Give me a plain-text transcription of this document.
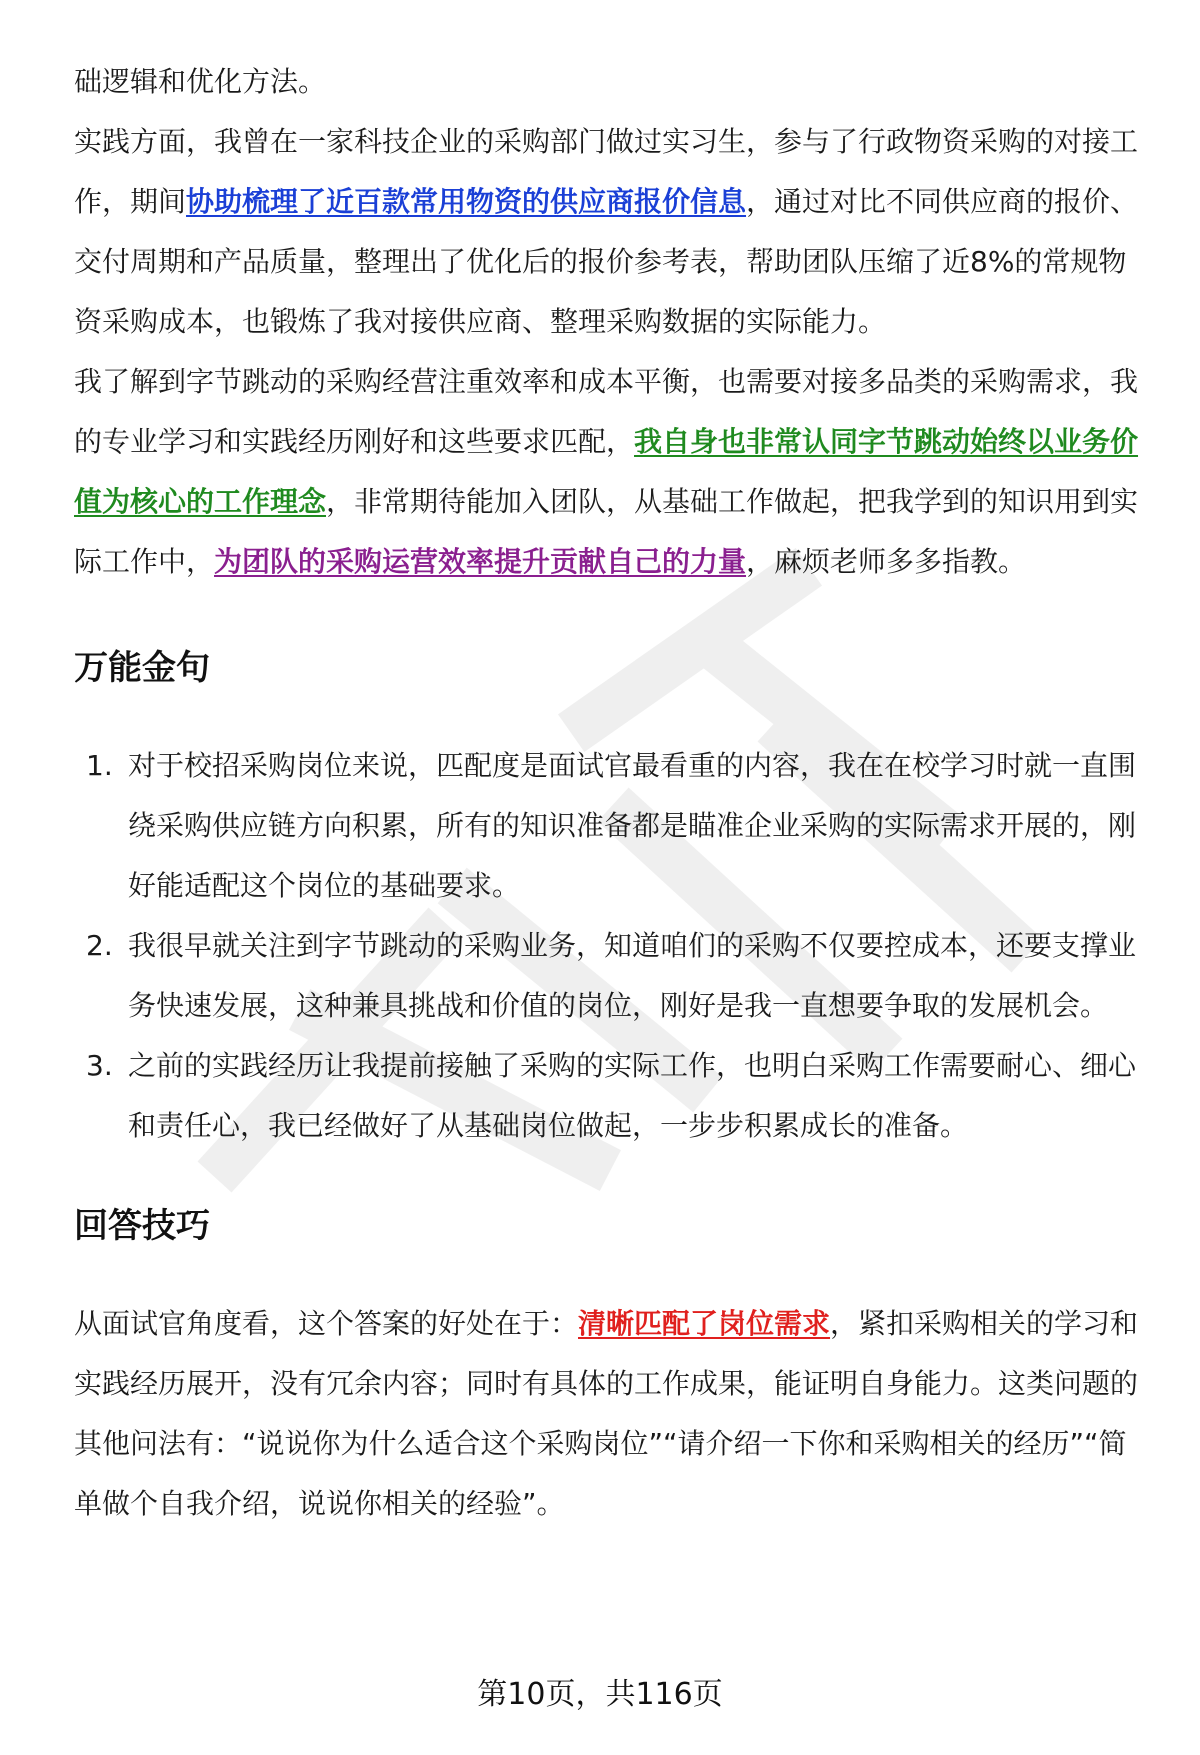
础逻辑和优化方法。

实践方面，我曾在一家科技企业的采购部门做过实习生，参与了行政物资采购的对接工作，期间协助梳理了近百款常用物资的供应商报价信息，通过对比不同供应商的报价、交付周期和产品质量，整理出了优化后的报价参考表，帮助团队压缩了近8%的常规物资采购成本，也锻炼了我对接供应商、整理采购数据的实际能力。

我了解到字节跳动的采购经营注重效率和成本平衡，也需要对接多品类的采购需求，我的专业学习和实践经历刚好和这些要求匹配，我自身也非常认同字节跳动始终以业务价值为核心的工作理念，非常期待能加入团队，从基础工作做起，把我学到的知识用到实际工作中，为团队的采购运营效率提升贡献自己的力量，麻烦老师多多指教。

万能金句
1. 对于校招采购岗位来说，匹配度是面试官最看重的内容，我在在校学习时就一直围绕采购供应链方向积累，所有的知识准备都是瞄准企业采购的实际需求开展的，刚好能适配这个岗位的基础要求。
2. 我很早就关注到字节跳动的采购业务，知道咱们的采购不仅要控成本，还要支撑业务快速发展，这种兼具挑战和价值的岗位，刚好是我一直想要争取的发展机会。
3. 之前的实践经历让我提前接触了采购的实际工作，也明白采购工作需要耐心、细心和责任心，我已经做好了从基础岗位做起，一步步积累成长的准备。
回答技巧

从面试官角度看，这个答案的好处在于：清晰匹配了岗位需求，紧扣采购相关的学习和实践经历展开，没有冗余内容；同时有具体的工作成果，能证明自身能力。这类问题的其他问法有：“说说你为什么适合这个采购岗位”“请介绍一下你和采购相关的经历”“简单做个自我介绍，说说你相关的经验”。

第10页，共116页
